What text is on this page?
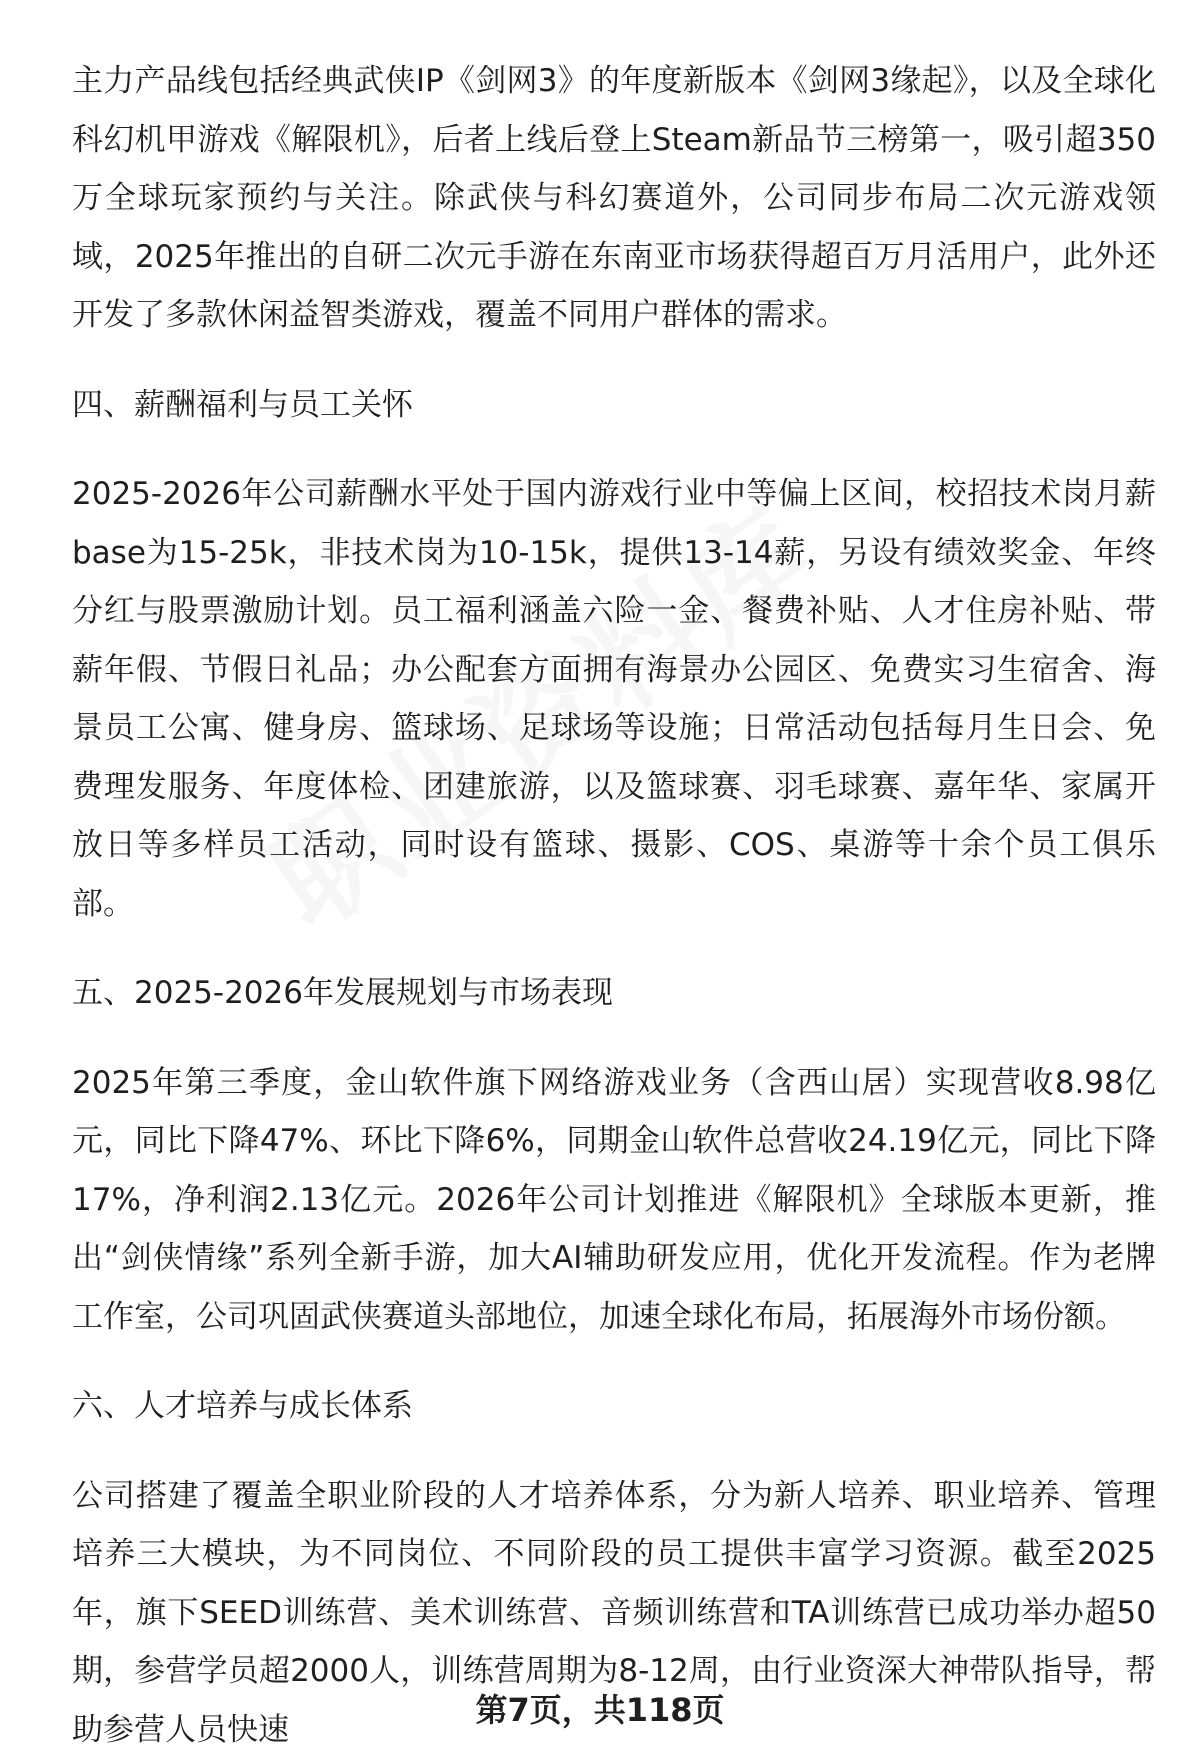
主力产品线包括经典武侠IP《剑网3》的年度新版本《剑网3缘起》，以及全球化科幻机甲游戏《解限机》，后者上线后登上Steam新品节三榜第一，吸引超350万全球玩家预约与关注。除武侠与科幻赛道外，公司同步布局二次元游戏领域，2025年推出的自研二次元手游在东南亚市场获得超百万月活用户，此外还开发了多款休闲益智类游戏，覆盖不同用户群体的需求。

四、薪酬福利与员工关怀

2025-2026年公司薪酬水平处于国内游戏行业中等偏上区间，校招技术岗月薪base为15-25k，非技术岗为10-15k，提供13-14薪，另设有绩效奖金、年终分红与股票激励计划。员工福利涵盖六险一金、餐费补贴、人才住房补贴、带薪年假、节假日礼品；办公配套方面拥有海景办公园区、免费实习生宿舍、海景员工公寓、健身房、篮球场、足球场等设施；日常活动包括每月生日会、免费理发服务、年度体检、团建旅游，以及篮球赛、羽毛球赛、嘉年华、家属开放日等多样员工活动，同时设有篮球、摄影、COS、桌游等十余个员工俱乐部。

五、2025-2026年发展规划与市场表现

2025年第三季度，金山软件旗下网络游戏业务（含西山居）实现营收8.98亿元，同比下降47%、环比下降6%，同期金山软件总营收24.19亿元，同比下降17%，净利润2.13亿元。2026年公司计划推进《解限机》全球版本更新，推出“剑侠情缘”系列全新手游，加大AI辅助研发应用，优化开发流程。作为老牌工作室，公司巩固武侠赛道头部地位，加速全球化布局，拓展海外市场份额。

六、人才培养与成长体系

公司搭建了覆盖全职业阶段的人才培养体系，分为新人培养、职业培养、管理培养三大模块，为不同岗位、不同阶段的员工提供丰富学习资源。截至2025年，旗下SEED训练营、美术训练营、音频训练营和TA训练营已成功举办超50期，参营学员超2000人，训练营周期为8-12周，由行业资深大神带队指导，帮助参营人员快速

第7页，共118页
